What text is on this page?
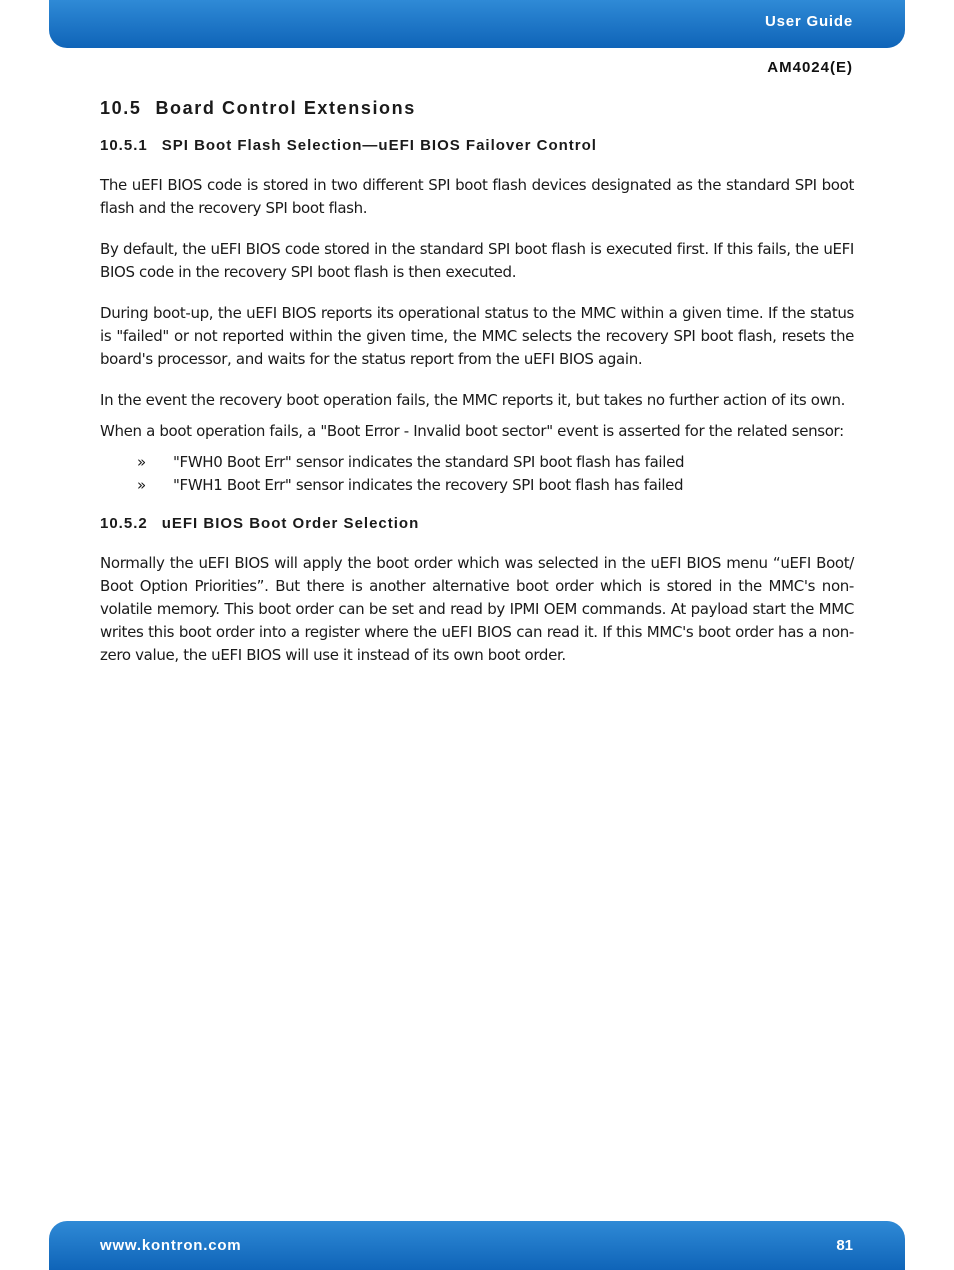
User Guide
AM4024(E)
10.5 Board Control Extensions
10.5.1 SPI Boot Flash Selection—uEFI BIOS Failover Control

The uEFI BIOS code is stored in two different SPI boot flash devices designated as the standard SPI boot flash and the recovery SPI boot flash.

By default, the uEFI BIOS code stored in the standard SPI boot flash is executed first. If this fails, the uEFI BIOS code in the recovery SPI boot flash is then executed.

During boot-up, the uEFI BIOS reports its operational status to the MMC within a given time. If the status is "failed" or not reported within the given time, the MMC selects the recovery SPI boot flash, resets the board's processor, and waits for the status report from the uEFI BIOS again.

In the event the recovery boot operation fails, the MMC reports it, but takes no further action of its own.

When a boot operation fails, a "Boot Error - Invalid boot sector" event is asserted for the related sensor:

» "FWH0 Boot Err" sensor indicates the standard SPI boot flash has failed
» "FWH1 Boot Err" sensor indicates the recovery SPI boot flash has failed
10.5.2 uEFI BIOS Boot Order Selection

Normally the uEFI BIOS will apply the boot order which was selected in the uEFI BIOS menu “uEFI Boot/ Boot Option Priorities”. But there is another alternative boot order which is stored in the MMC's non-volatile memory. This boot order can be set and read by IPMI OEM commands. At payload start the MMC writes this boot order into a register where the uEFI BIOS can read it. If this MMC's boot order has a non-zero value, the uEFI BIOS will use it instead of its own boot order.

www.kontron.com	81
